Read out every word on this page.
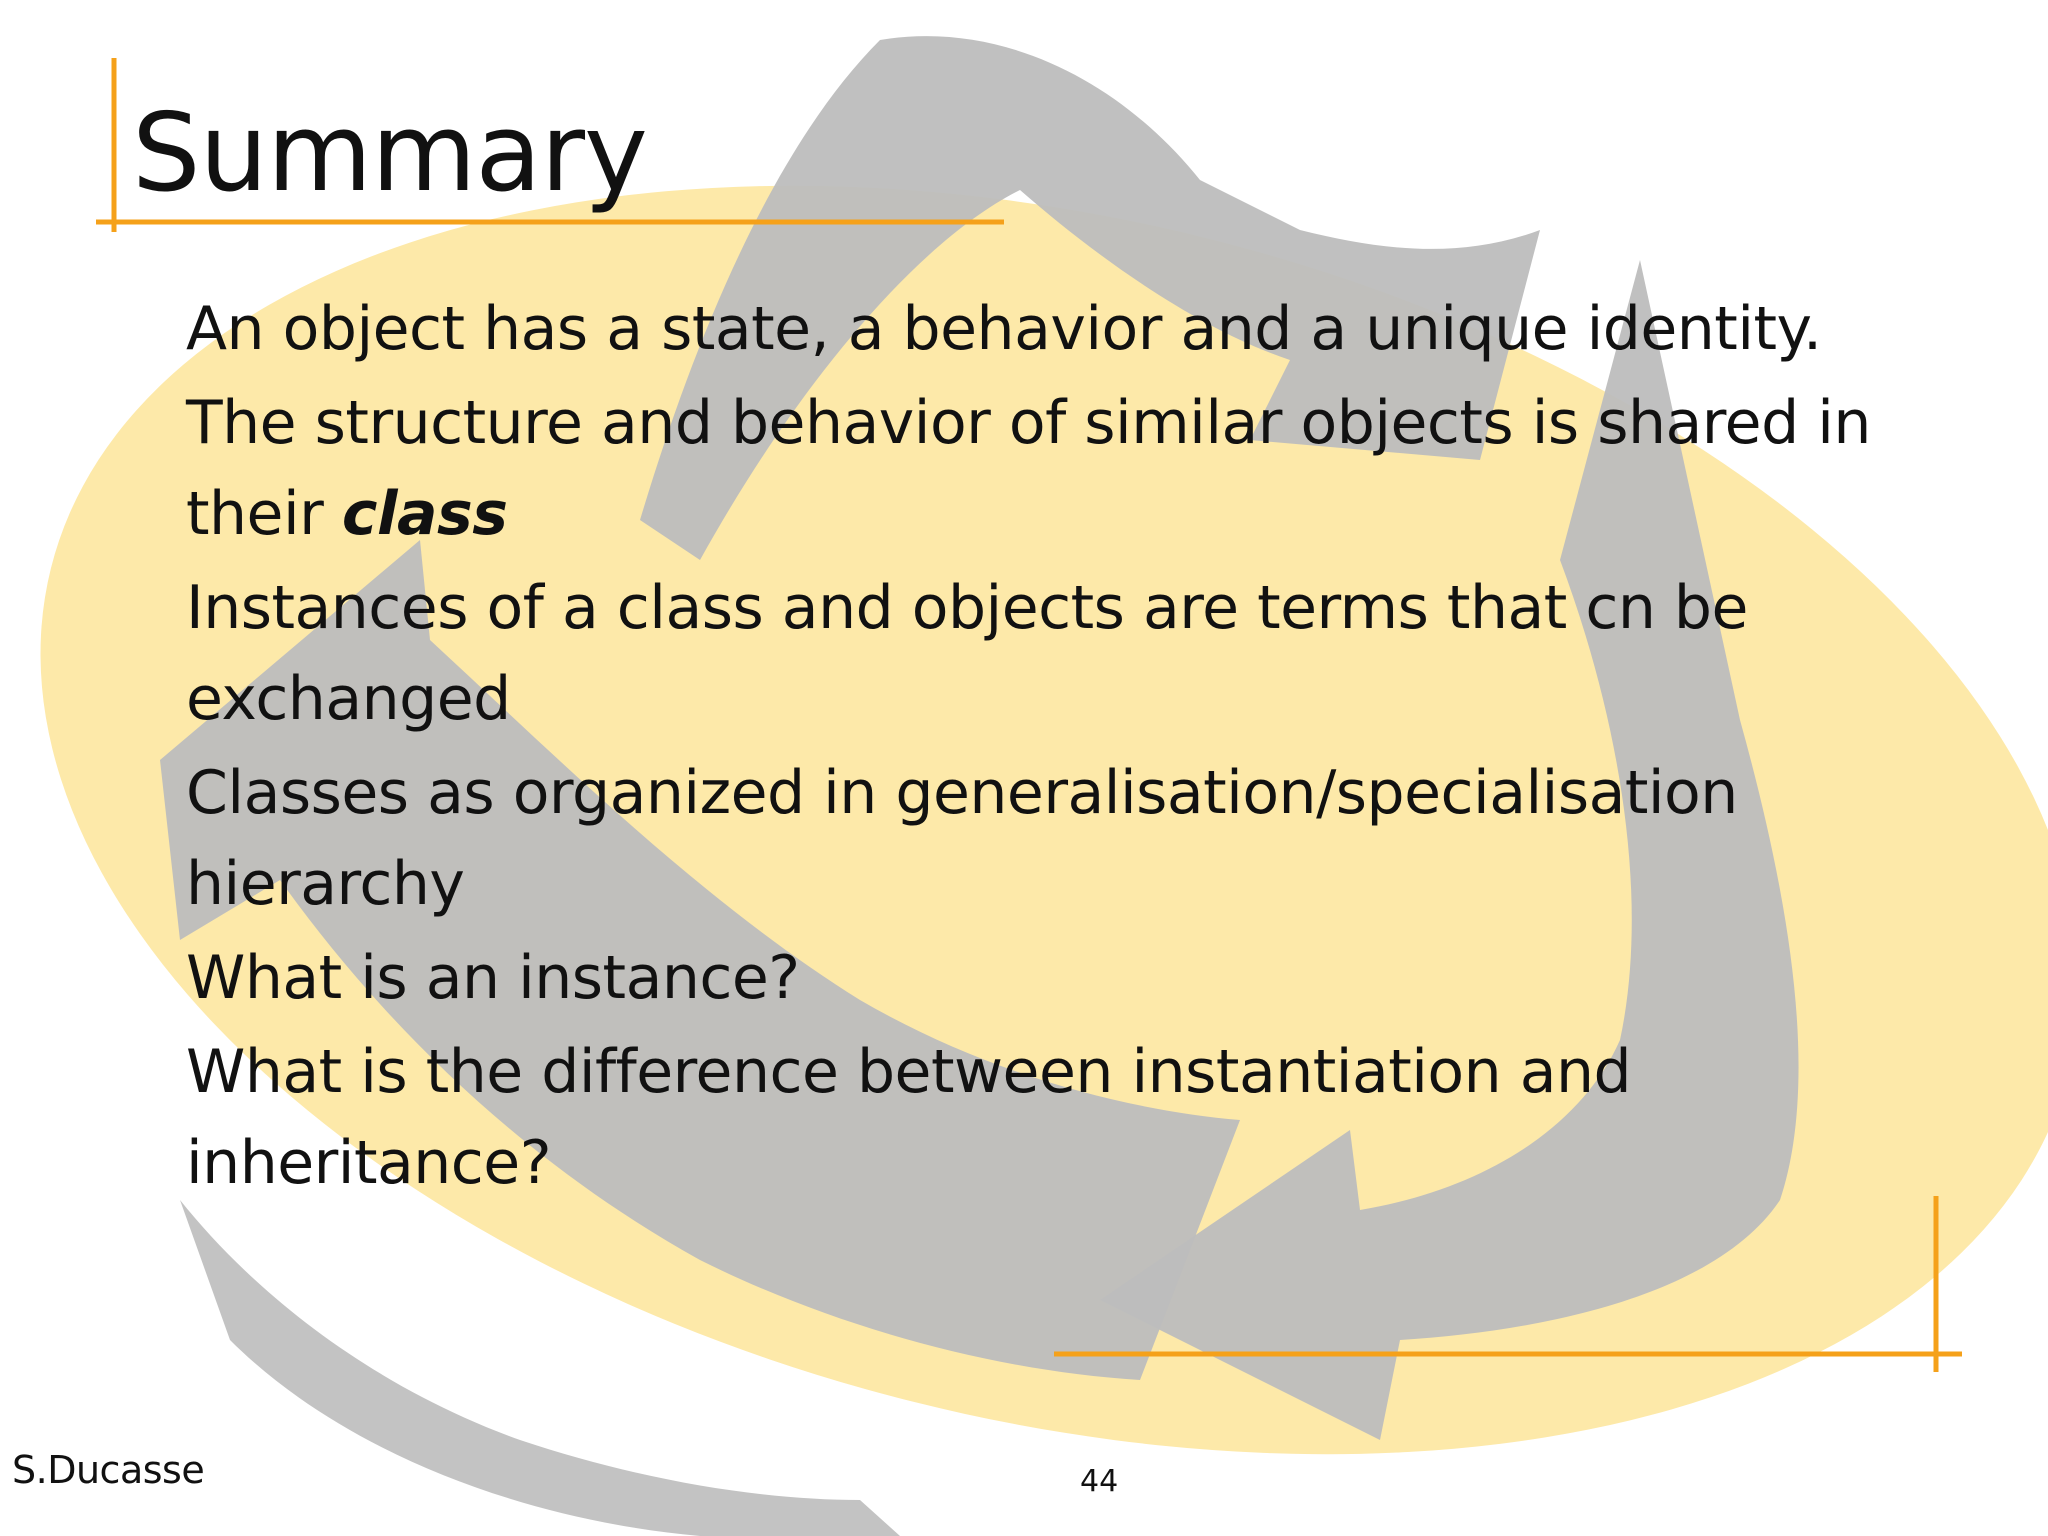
Summary
An object has a state, a behavior and a unique identity.
The structure and behavior of similar objects is shared in their class
Instances of a class and objects are terms that cn be exchanged
Classes as organized in generalisation/specialisation hierarchy
What is an instance?
What is the difference between instantiation and inheritance?
S.Ducasse	44
